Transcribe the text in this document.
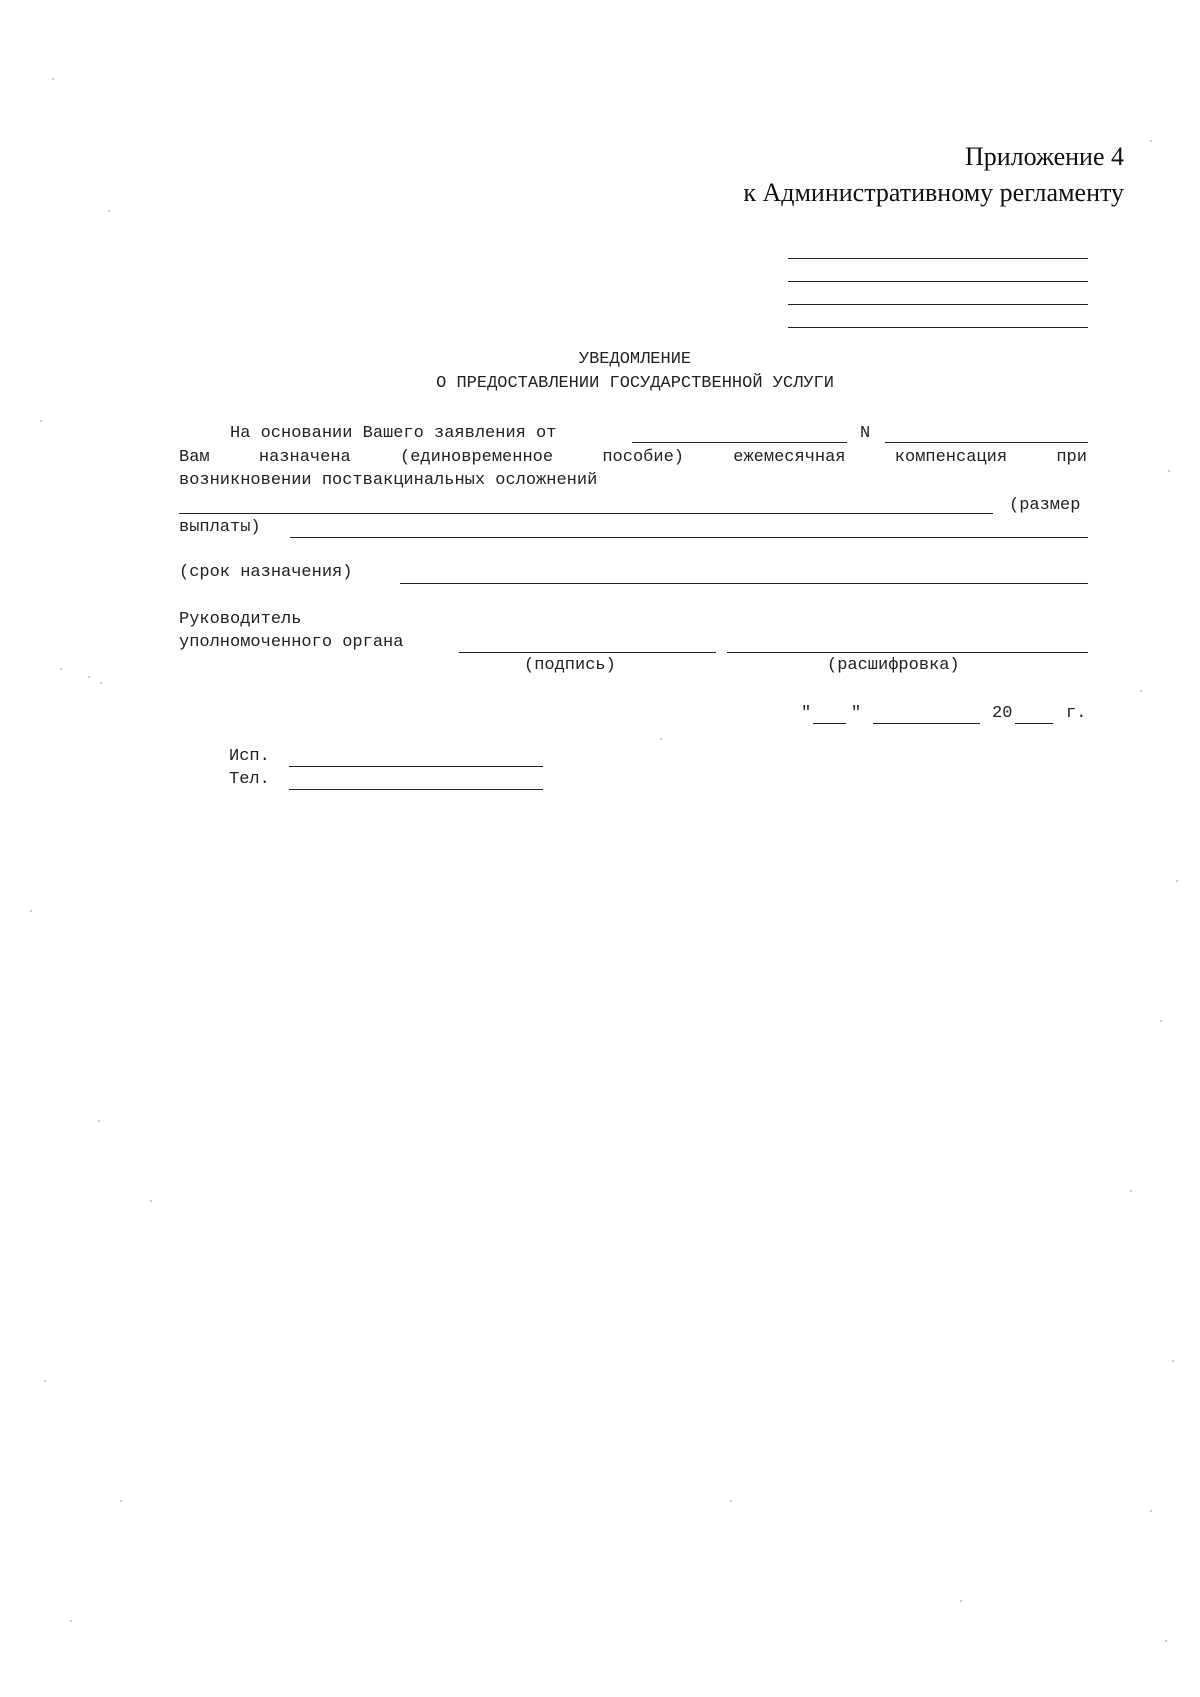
Приложение 4
к Административному регламенту
УВЕДОМЛЕНИЕ
О ПРЕДОСТАВЛЕНИИ ГОСУДАРСТВЕННОЙ УСЛУГИ
На основании Вашего заявления от	N
Вам	назначена	(единовременное	пособие)	ежемесячная	компенсация	при
возникновении поствакцинальных осложнений
(размер
выплаты)
(срок назначения)
Руководитель
уполномоченного органа
(подпись)	(расшифровка)
" "	20	г.
Исп.
Тел.
